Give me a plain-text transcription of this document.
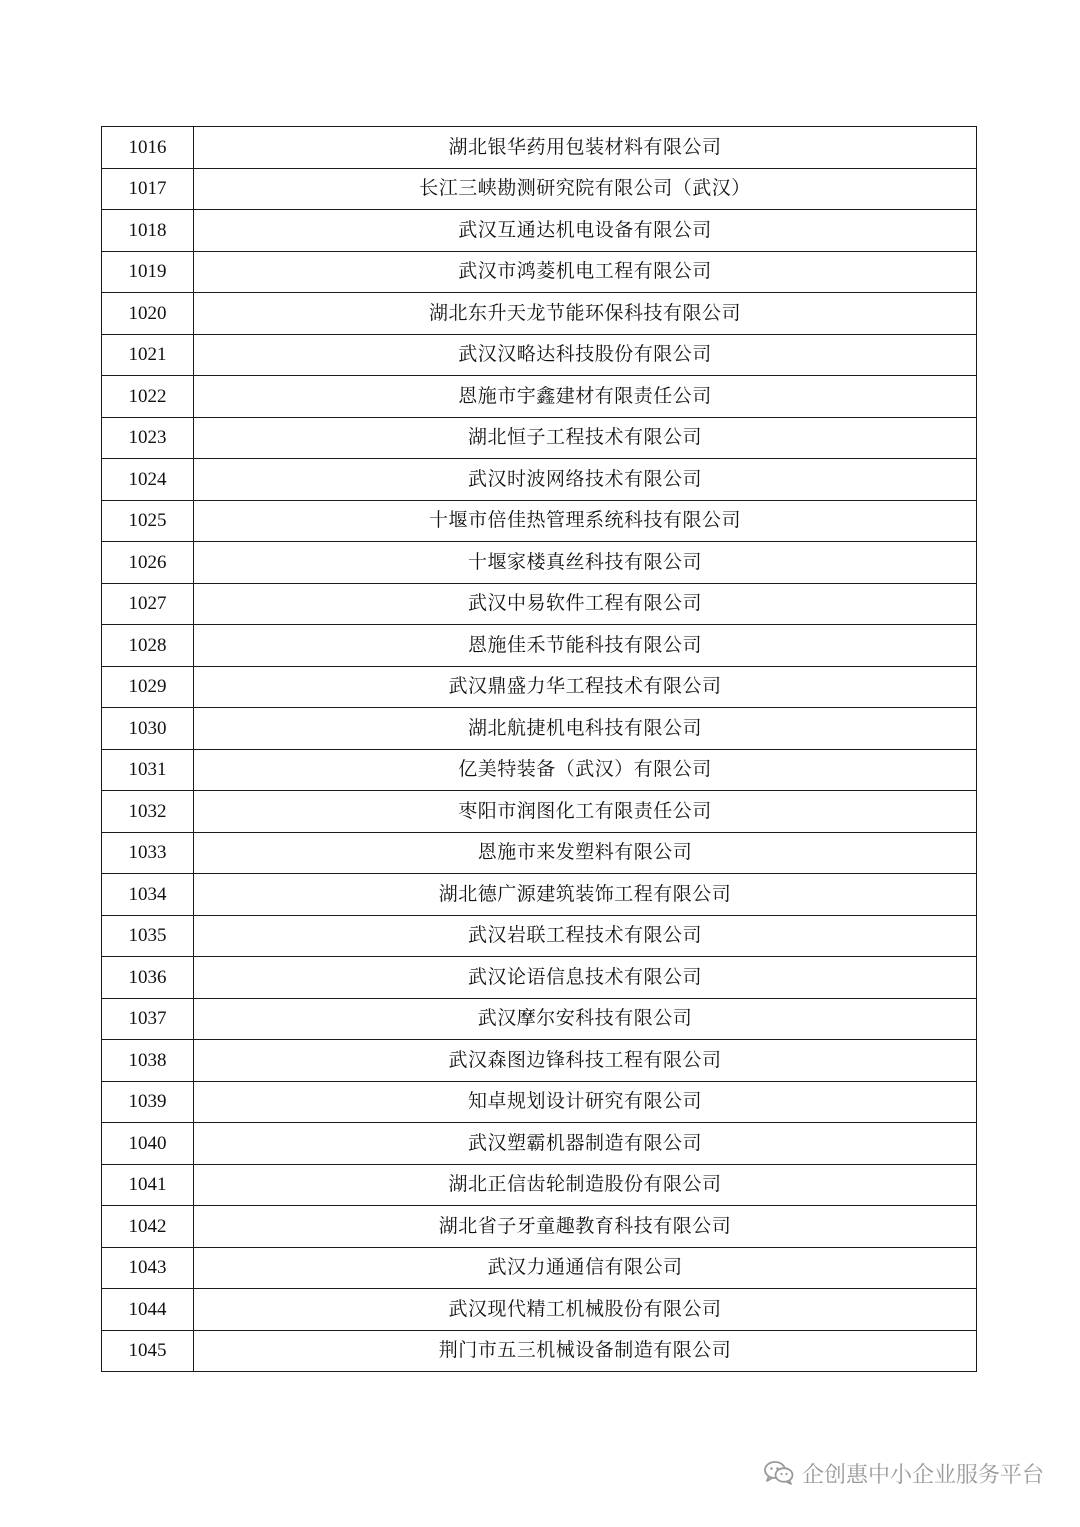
1016	湖北银华药用包装材料有限公司
1017	长江三峡勘测研究院有限公司（武汉）
1018	武汉互通达机电设备有限公司
1019	武汉市鸿菱机电工程有限公司
1020	湖北东升天龙节能环保科技有限公司
1021	武汉汉略达科技股份有限公司
1022	恩施市宇鑫建材有限责任公司
1023	湖北恒子工程技术有限公司
1024	武汉时波网络技术有限公司
1025	十堰市倍佳热管理系统科技有限公司
1026	十堰家楼真丝科技有限公司
1027	武汉中易软件工程有限公司
1028	恩施佳禾节能科技有限公司
1029	武汉鼎盛力华工程技术有限公司
1030	湖北航捷机电科技有限公司
1031	亿美特装备（武汉）有限公司
1032	枣阳市润图化工有限责任公司
1033	恩施市来发塑料有限公司
1034	湖北德广源建筑装饰工程有限公司
1035	武汉岩联工程技术有限公司
1036	武汉论语信息技术有限公司
1037	武汉摩尔安科技有限公司
1038	武汉森图边锋科技工程有限公司
1039	知卓规划设计研究有限公司
1040	武汉塑霸机器制造有限公司
1041	湖北正信齿轮制造股份有限公司
1042	湖北省子牙童趣教育科技有限公司
1043	武汉力通通信有限公司
1044	武汉现代精工机械股份有限公司
1045	荆门市五三机械设备制造有限公司
企创惠中小企业服务平台
